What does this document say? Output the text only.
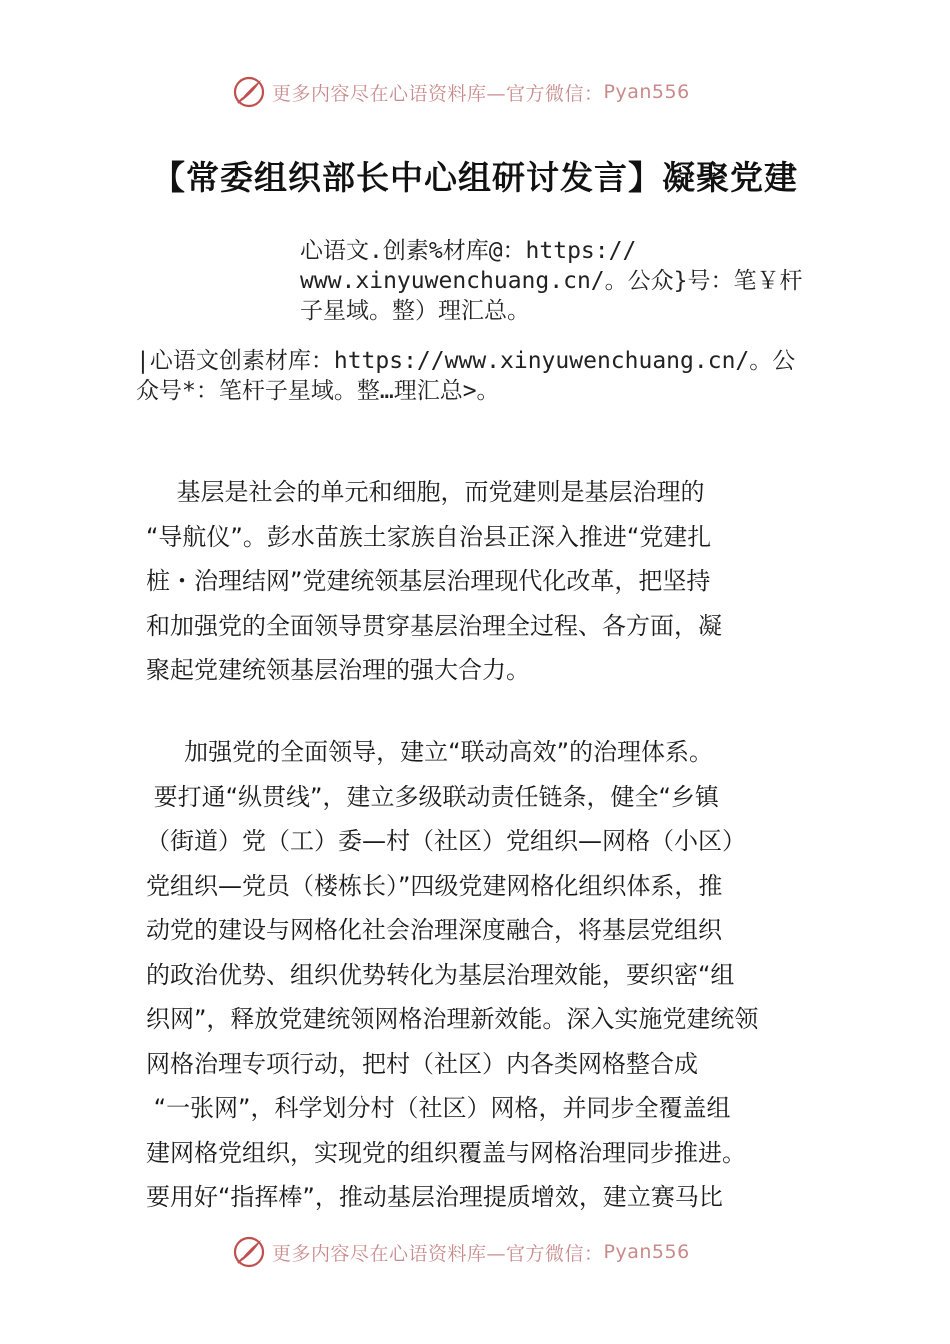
更多内容尽在心语资料库—官方微信： Pyan556
【常委组织部长中心组研讨发言】凝聚党建
心语文.创素%材库@：https://
www.xinyuwenchuang.cn/。公众}号：笔￥杆
子星域。整）理汇总。
|心语文创素材库：https://www.xinyuwenchuang.cn/。公
众号*：笔杆子星域。整…理汇总>。
基层是社会的单元和细胞，而党建则是基层治理的
“导航仪”。彭水苗族土家族自治县正深入推进“党建扎
桩・治理结网”党建统领基层治理现代化改革，把坚持
和加强党的全面领导贯穿基层治理全过程、各方面，凝
聚起党建统领基层治理的强大合力。
加强党的全面领导，建立“联动高效”的治理体系。
要打通“纵贯线”，建立多级联动责任链条，健全“乡镇
（街道）党（工）委—村（社区）党组织—网格（小区）
党组织—党员（楼栋长）”四级党建网格化组织体系，推
动党的建设与网格化社会治理深度融合，将基层党组织
的政治优势、组织优势转化为基层治理效能，要织密“组
织网”，释放党建统领网格治理新效能。深入实施党建统领
网格治理专项行动，把村（社区）内各类网格整合成
“一张网”，科学划分村（社区）网格，并同步全覆盖组
建网格党组织，实现党的组织覆盖与网格治理同步推进。
要用好“指挥棒”，推动基层治理提质增效，建立赛马比
更多内容尽在心语资料库—官方微信： Pyan556
